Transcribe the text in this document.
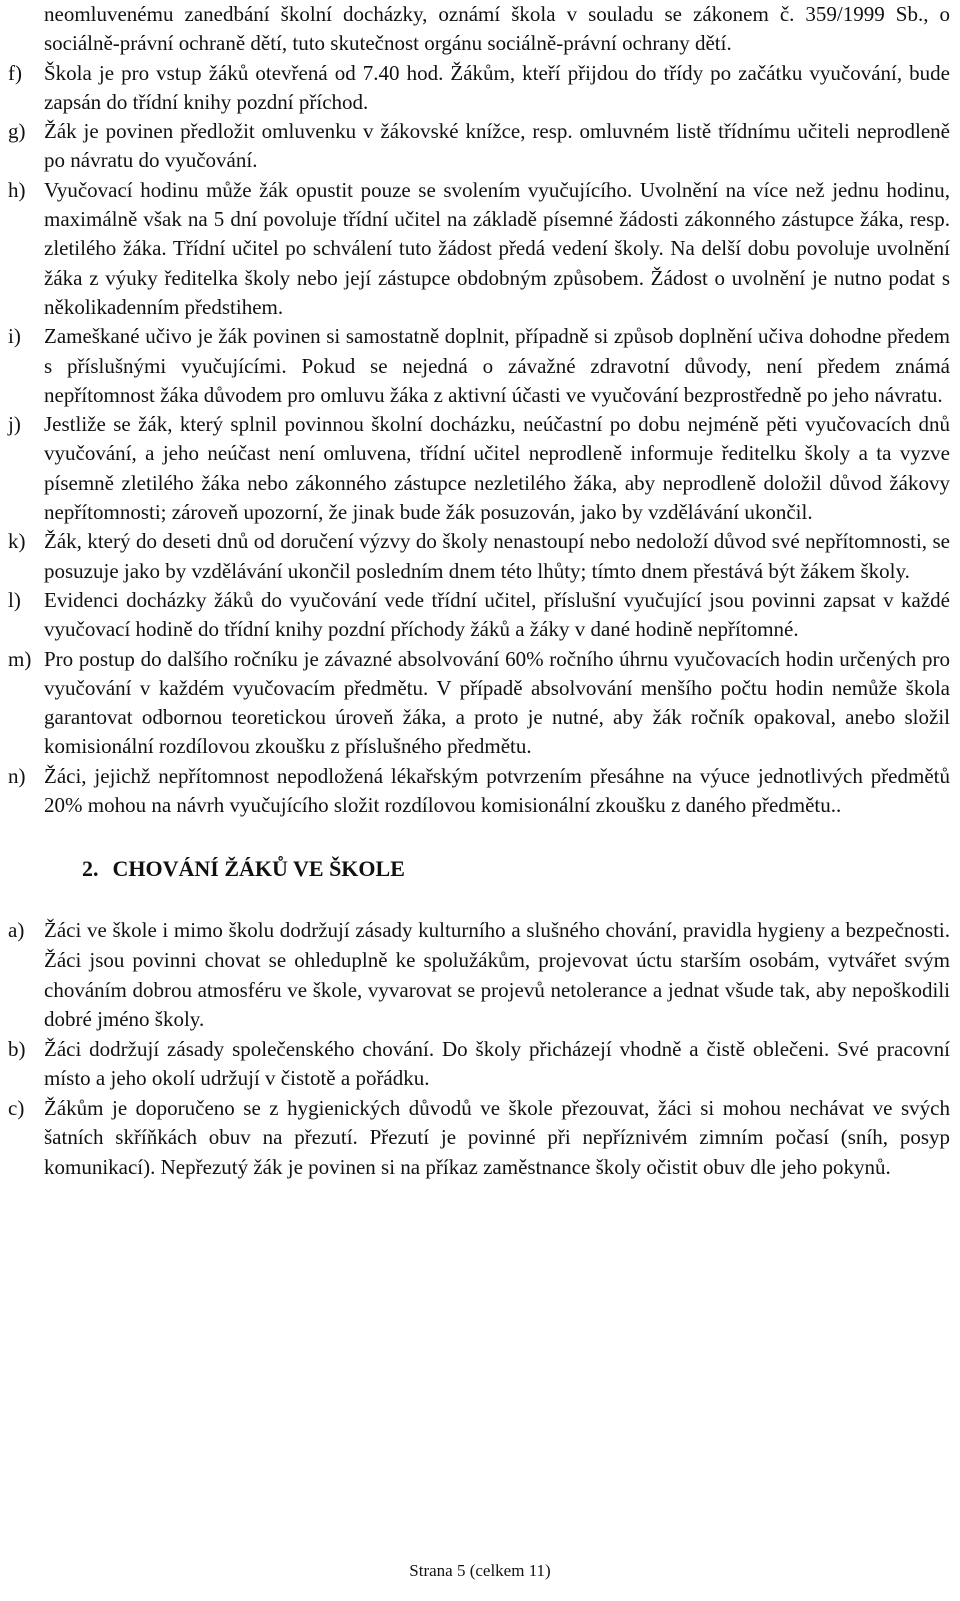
neomluvenému zanedbání školní docházky, oznámí škola v souladu se zákonem č. 359/1999 Sb., o sociálně-právní ochraně dětí, tuto skutečnost orgánu sociálně-právní ochrany dětí.

f)	Škola je pro vstup žáků otevřená od 7.40 hod. Žákům, kteří přijdou do třídy po začátku vyučování, bude zapsán do třídní knihy pozdní příchod.
g) Žák je povinen předložit omluvenku v žákovské knížce, resp. omluvném listě třídnímu učiteli neprodleně po návratu do vyučování.
h) Vyučovací hodinu může žák opustit pouze se svolením vyučujícího. Uvolnění na více než jednu hodinu, maximálně však na 5 dní povoluje třídní učitel na základě písemné žádosti zákonného zástupce žáka, resp. zletilého žáka. Třídní učitel po schválení tuto žádost předá vedení školy. Na delší dobu povoluje uvolnění žáka z výuky ředitelka školy nebo její zástupce obdobným způsobem. Žádost o uvolnění je nutno podat s několikadenním předstihem.
i)	Zameškané učivo je žák povinen si samostatně doplnit, případně si způsob doplnění učiva dohodne předem s příslušnými vyučujícími. Pokud se nejedná o závažné zdravotní důvody, není předem známá nepřítomnost žáka důvodem pro omluvu žáka z aktivní účasti ve vyučování bezprostředně po jeho návratu.
j)	Jestliže se žák, který splnil povinnou školní docházku, neúčastní po dobu nejméně pěti vyučovacích dnů vyučování, a jeho neúčast není omluvena, třídní učitel neprodleně informuje ředitelku školy a ta vyzve písemně zletilého žáka nebo zákonného zástupce nezletilého žáka, aby neprodleně doložil důvod žákovy nepřítomnosti; zároveň upozorní, že jinak bude žák posuzován, jako by vzdělávání ukončil.
k) Žák, který do deseti dnů od doručení výzvy do školy nenastoupí nebo nedoloží důvod své nepřítomnosti, se posuzuje jako by vzdělávání ukončil posledním dnem této lhůty; tímto dnem přestává být žákem školy.
l)	Evidenci docházky žáků do vyučování vede třídní učitel, příslušní vyučující jsou povinni zapsat v každé vyučovací hodině do třídní knihy pozdní příchody žáků a žáky v dané hodině nepřítomné.
m) Pro postup do dalšího ročníku je závazné absolvování 60% ročního úhrnu vyučovacích hodin určených pro vyučování v každém vyučovacím předmětu. V případě absolvování menšího počtu hodin nemůže škola garantovat odbornou teoretickou úroveň žáka, a proto je nutné, aby žák ročník opakoval, anebo složil komisionální rozdílovou zkoušku z příslušného předmětu.
n) Žáci, jejichž nepřítomnost nepodložená lékařským potvrzením přesáhne na výuce jednotlivých předmětů 20% mohou na návrh vyučujícího složit rozdílovou komisionální zkoušku z daného předmětu..
2. CHOVÁNÍ ŽÁKŮ VE ŠKOLE
a) Žáci ve škole i mimo školu dodržují zásady kulturního a slušného chování, pravidla hygieny a bezpečnosti. Žáci jsou povinni chovat se ohleduplně ke spolužákům, projevovat úctu starším osobám, vytvářet svým chováním dobrou atmosféru ve škole, vyvarovat se projevů netolerance a jednat všude tak, aby nepoškodili dobré jméno školy.
b) Žáci dodržují zásady společenského chování. Do školy přicházejí vhodně a čistě oblečeni. Své pracovní místo a jeho okolí udržují v čistotě a pořádku.
c) Žákům je doporučeno se z hygienických důvodů ve škole přezouvat, žáci si mohou nechávat ve svých šatních skříňkách obuv na přezutí. Přezutí je povinné při nepříznivém zimním počasí (sníh, posyp komunikací). Nepřezutý žák je povinen si na příkaz zaměstnance školy očistit obuv dle jeho pokynů.
Strana 5 (celkem 11)
